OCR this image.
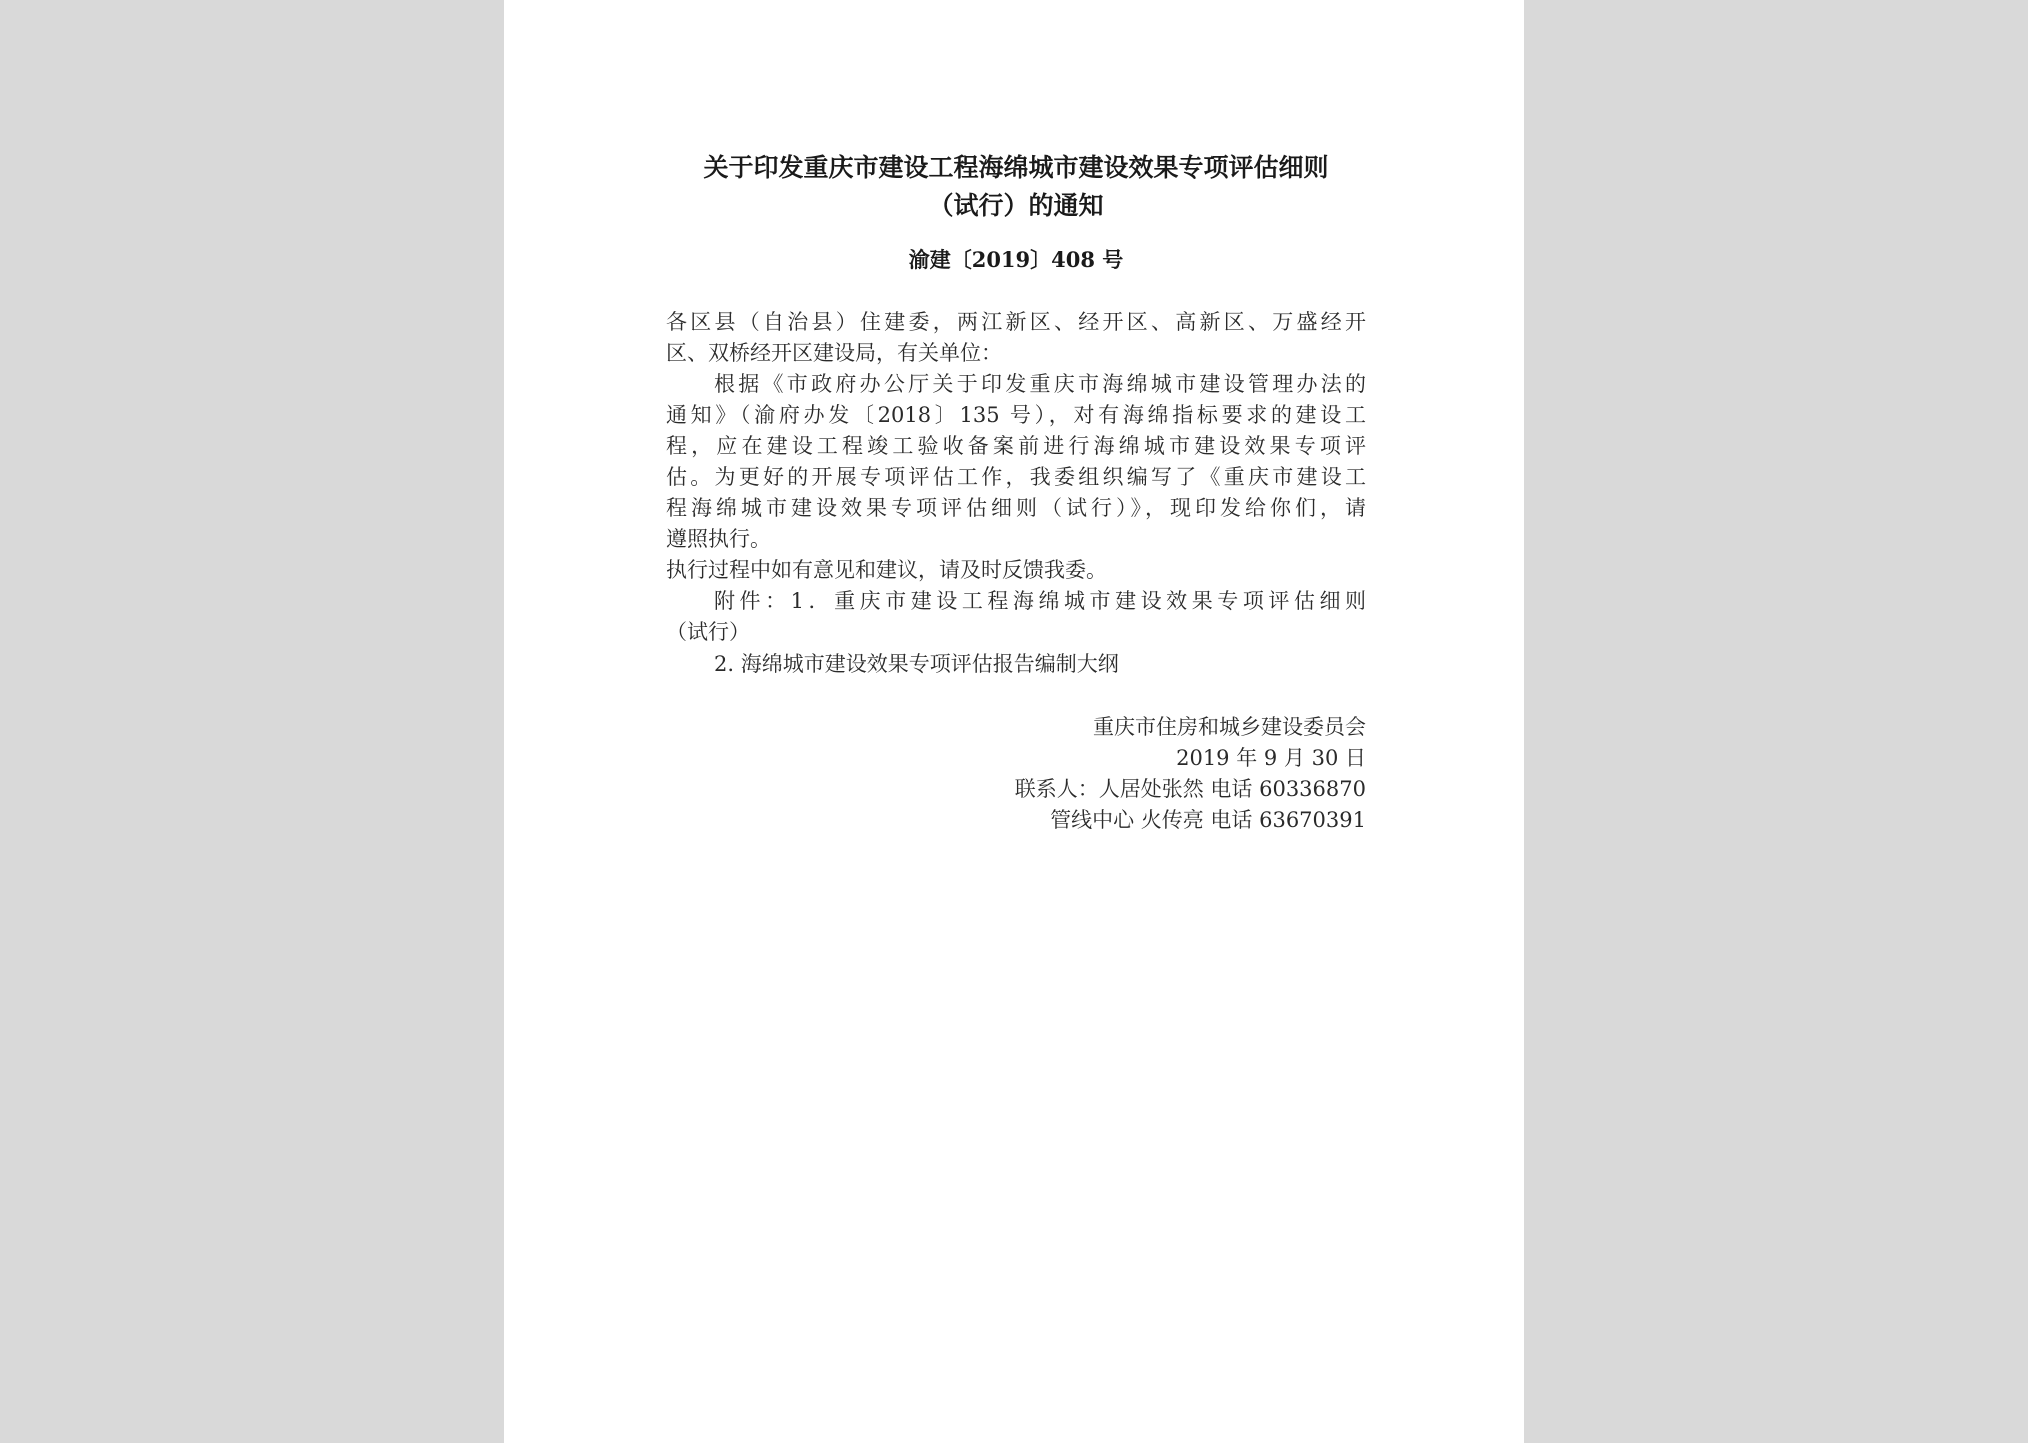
关于印发重庆市建设工程海绵城市建设效果专项评估细则
（试行）的通知
渝建〔2019〕408 号
各区县（自治县）住建委，两江新区、经开区、高新区、万盛经开
区、双桥经开区建设局，有关单位：
根据《市政府办公厅关于印发重庆市海绵城市建设管理办法的
通知》（渝府办发〔2018〕135 号），对有海绵指标要求的建设工
程，应在建设工程竣工验收备案前进行海绵城市建设效果专项评
估。为更好的开展专项评估工作，我委组织编写了《重庆市建设工
程海绵城市建设效果专项评估细则（试行）》，现印发给你们，请
遵照执行。
执行过程中如有意见和建议，请及时反馈我委。
附件：1．重庆市建设工程海绵城市建设效果专项评估细则
（试行）
2. 海绵城市建设效果专项评估报告编制大纲
重庆市住房和城乡建设委员会
2019 年 9 月 30 日
联系人：人居处张然 电话 60336870
管线中心 火传亮 电话 63670391
